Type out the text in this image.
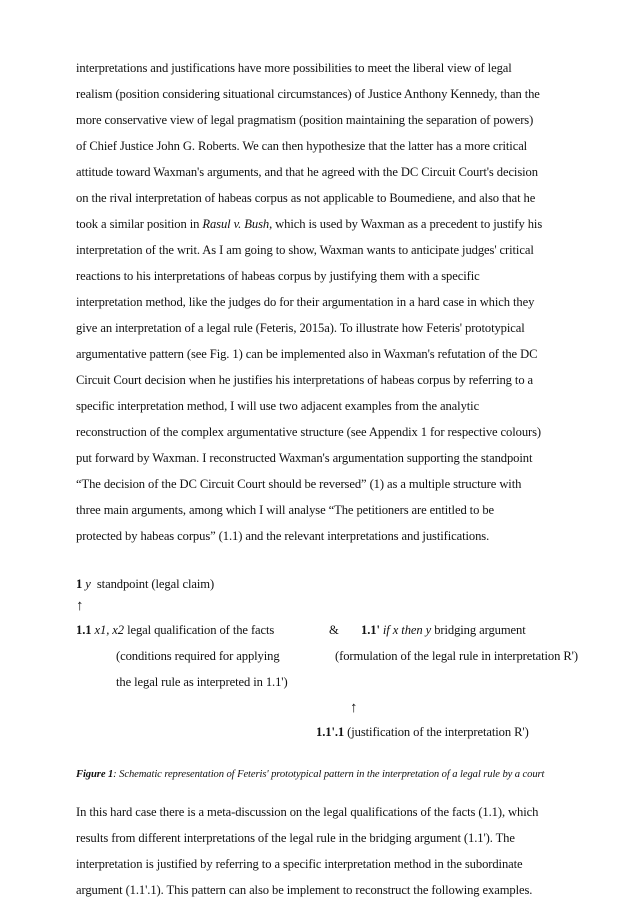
interpretations and justifications have more possibilities to meet the liberal view of legal
realism (position considering situational circumstances) of Justice Anthony Kennedy, than the
more conservative view of legal pragmatism (position maintaining the separation of powers)
of Chief Justice John G. Roberts. We can then hypothesize that the latter has a more critical
attitude toward Waxman's arguments, and that he agreed with the DC Circuit Court's decision
on the rival interpretation of habeas corpus as not applicable to Boumediene, and also that he
took a similar position in Rasul v. Bush, which is used by Waxman as a precedent to justify his
interpretation of the writ. As I am going to show, Waxman wants to anticipate judges' critical
reactions to his interpretations of habeas corpus by justifying them with a specific
interpretation method, like the judges do for their argumentation in a hard case in which they
give an interpretation of a legal rule (Feteris, 2015a). To illustrate how Feteris' prototypical
argumentative pattern (see Fig. 1) can be implemented also in Waxman's refutation of the DC
Circuit Court decision when he justifies his interpretations of habeas corpus by referring to a
specific interpretation method, I will use two adjacent examples from the analytic
reconstruction of the complex argumentative structure (see Appendix 1 for respective colours)
put forward by Waxman. I reconstructed Waxman's argumentation supporting the standpoint
“The decision of the DC Circuit Court should be reversed” (1) as a multiple structure with
three main arguments, among which I will analyse “The petitioners are entitled to be
protected by habeas corpus” (1.1) and the relevant interpretations and justifications.
1 y standpoint (legal claim)
↑
1.1 x1, x2 legal qualification of the facts	&	1.1' if x then y bridging argument
(conditions required for applying	(formulation of the legal rule in interpretation R')
the legal rule as interpreted in 1.1')
↑
1.1'.1 (justification of the interpretation R')
Figure 1: Schematic representation of Feteris' prototypical pattern in the interpretation of a legal rule by a court
In this hard case there is a meta-discussion on the legal qualifications of the facts (1.1), which
results from different interpretations of the legal rule in the bridging argument (1.1'). The
interpretation is justified by referring to a specific interpretation method in the subordinate
argument (1.1'.1). This pattern can also be implement to reconstruct the following examples.
